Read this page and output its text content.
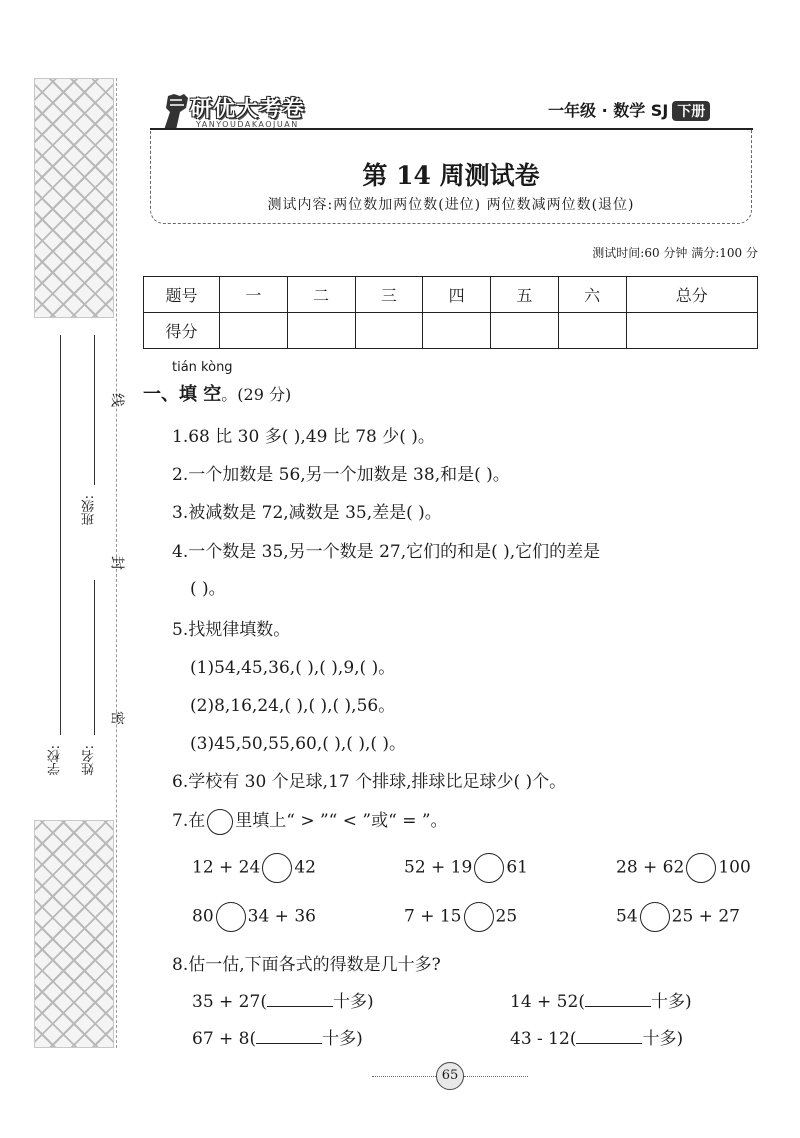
学校:
班级:
姓名:
线
封
密
研优大考卷
YANYOUDAKAOJUAN
一年级 · 数学 SJ 下册
第 14 周测试卷
测试内容:两位数加两位数(进位) 两位数减两位数(退位)
测试时间:60 分钟 满分:100 分
题号	一	二	三	四	五	六	总分
得分							
tián kòng
一、填 空。(29 分)
1.68 比 30 多( ),49 比 78 少( )。
2.一个加数是 56,另一个加数是 38,和是( )。
3.被减数是 72,减数是 35,差是( )。
4.一个数是 35,另一个数是 27,它们的和是( ),它们的差是
( )。
5.找规律填数。
(1)54,45,36,( ),( ),9,( )。
(2)8,16,24,( ),( ),( ),56。
(3)45,50,55,60,( ),( ),( )。
6.学校有 30 个足球,17 个排球,排球比足球少( )个。
7.在 里填上“ > ”“ < ”或“ = ”。
12 + 24 42	52 + 19 61	28 + 62 100
80 34 + 36	7 + 15 25	54 25 + 27
8.估一估,下面各式的得数是几十多?
35 + 27(	十多)	14 + 52(	十多)
67 + 8(	十多)	43 - 12(	十多)
65
